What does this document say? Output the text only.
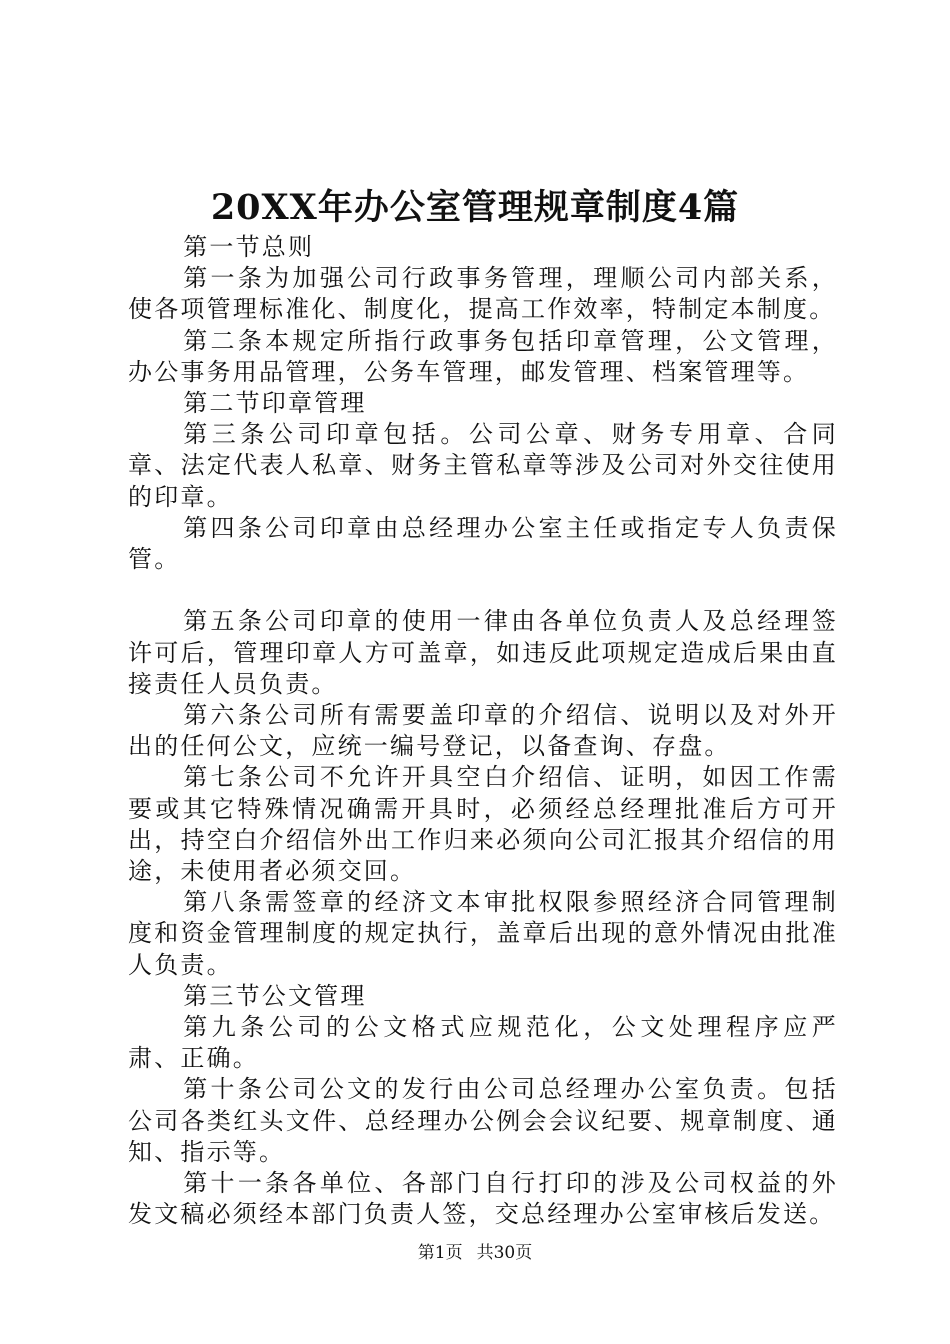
20XX年办公室管理规章制度4篇

第一节总则

第一条为加强公司行政事务管理，理顺公司内部关系，使各项管理标准化、制度化，提高工作效率，特制定本制度。

第二条本规定所指行政事务包括印章管理，公文管理，办公事务用品管理，公务车管理，邮发管理、档案管理等。

第二节印章管理

第三条公司印章包括。公司公章、财务专用章、合同章、法定代表人私章、财务主管私章等涉及公司对外交往使用的印章。

第四条公司印章由总经理办公室主任或指定专人负责保管。

第五条公司印章的使用一律由各单位负责人及总经理签许可后，管理印章人方可盖章，如违反此项规定造成后果由直接责任人员负责。

第六条公司所有需要盖印章的介绍信、说明以及对外开出的任何公文，应统一编号登记，以备查询、存盘。

第七条公司不允许开具空白介绍信、证明，如因工作需要或其它特殊情况确需开具时，必须经总经理批准后方可开出，持空白介绍信外出工作归来必须向公司汇报其介绍信的用途，未使用者必须交回。

第八条需签章的经济文本审批权限参照经济合同管理制度和资金管理制度的规定执行，盖章后出现的意外情况由批准人负责。

第三节公文管理

第九条公司的公文格式应规范化，公文处理程序应严肃、正确。

第十条公司公文的发行由公司总经理办公室负责。包括公司各类红头文件、总经理办公例会会议纪要、规章制度、通知、指示等。

第十一条各单位、各部门自行打印的涉及公司权益的外发文稿必须经本部门负责人签，交总经理办公室审核后发送。

第1页 共30页
